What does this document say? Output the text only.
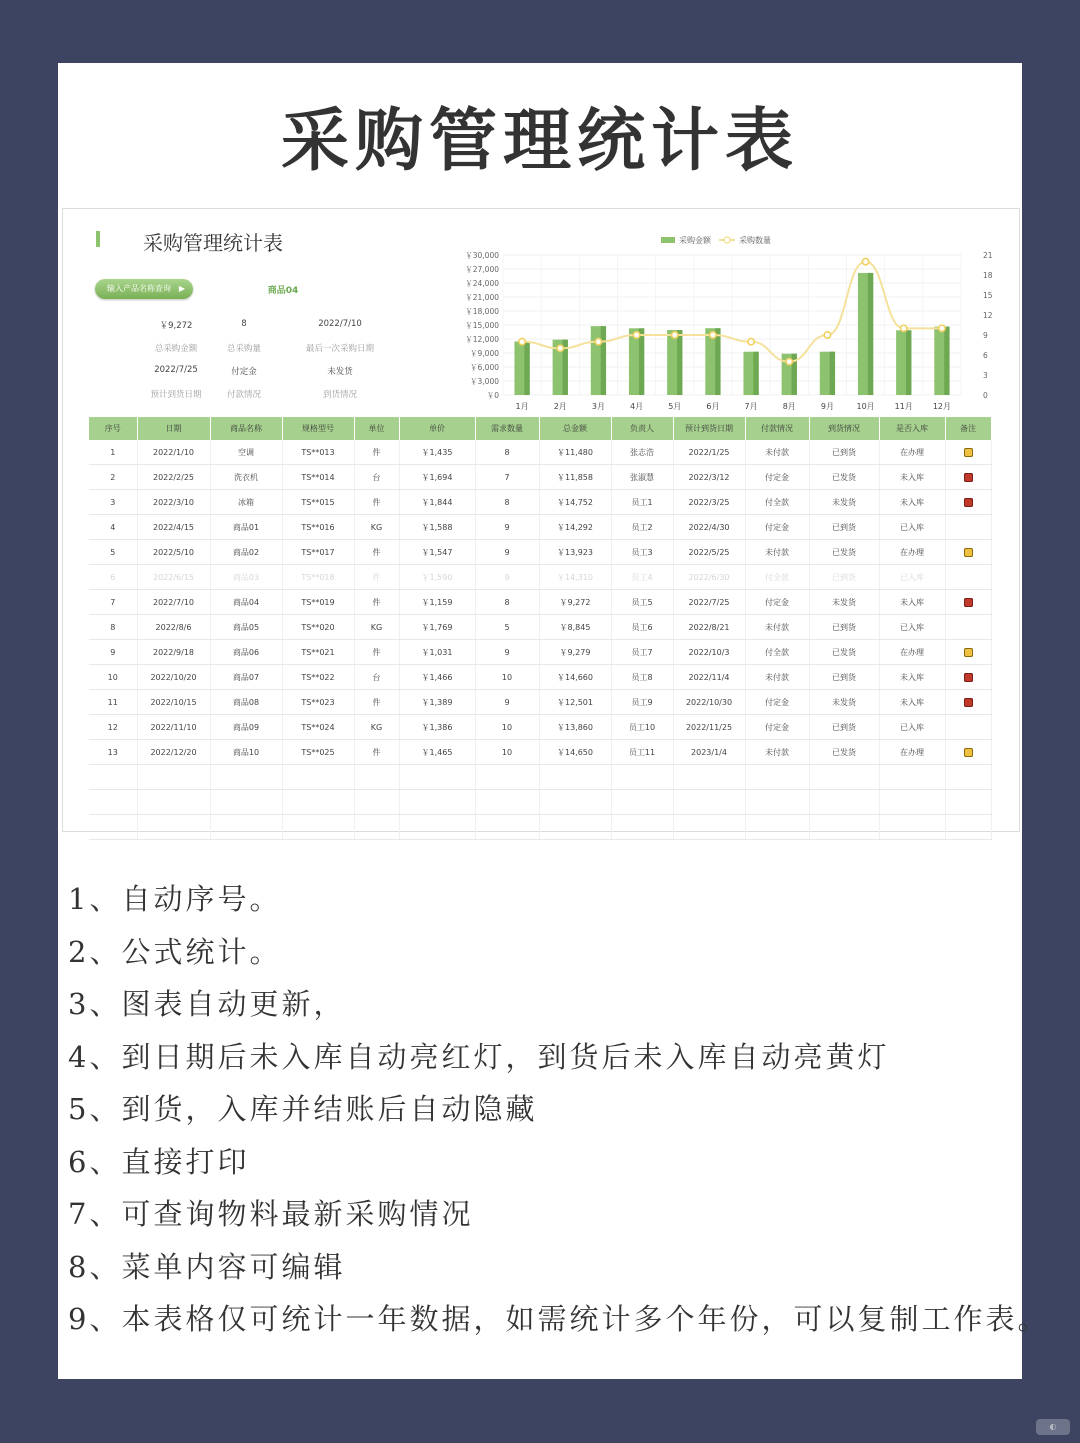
采购管理统计表
采购管理统计表
输入产品名称查询 ▶	商品04
￥9,272	8	2022/7/10
总采购金额	总采购量	最后一次采购日期
2022/7/25	付定金	未发货
预计到货日期	付款情况	到货情况
采购金额	采购数量
￥0
￥3,000
￥6,000
￥9,000
￥12,000
￥15,000
￥18,000
￥21,000
￥24,000
￥27,000
￥30,000
0
3
6
9
12
15
18
21
1月	2月	3月	4月	5月	6月	7月	8月	9月	10月 11月 12月
序号	日期	商品名称	规格型号	单位	单价	需求数量	总金额	负责人	预计到货日期	付款情况	到货情况	是否入库	备注
1	2022/1/10	空调	TS**013	件	￥1,435	8	￥11,480	张志浩	2022/1/25	未付款	已到货	在办理	
2	2022/2/25	洗衣机	TS**014	台	￥1,694	7	￥11,858	张淑慧	2022/3/12	付定金	已发货	未入库	
3	2022/3/10	冰箱	TS**015	件	￥1,844	8	￥14,752	员工1	2022/3/25	付全款	未发货	未入库	
4	2022/4/15	商品01	TS**016	KG	￥1,588	9	￥14,292	员工2	2022/4/30	付定金	已到货	已入库	
5	2022/5/10	商品02	TS**017	件	￥1,547	9	￥13,923	员工3	2022/5/25	未付款	已发货	在办理	
6	2022/6/15	商品03	TS**018	件	￥1,590	9	￥14,310	员工4	2022/6/30	付全款	已到货	已入库	
7	2022/7/10	商品04	TS**019	件	￥1,159	8	￥9,272	员工5	2022/7/25	付定金	未发货	未入库	
8	2022/8/6	商品05	TS**020	KG	￥1,769	5	￥8,845	员工6	2022/8/21	未付款	已到货	已入库	
9	2022/9/18	商品06	TS**021	件	￥1,031	9	￥9,279	员工7	2022/10/3	付全款	已发货	在办理	
10	2022/10/20	商品07	TS**022	台	￥1,466	10	￥14,660	员工8	2022/11/4	未付款	已到货	未入库	
11	2022/10/15	商品08	TS**023	件	￥1,389	9	￥12,501	员工9	2022/10/30	付定金	未发货	未入库	
12	2022/11/10	商品09	TS**024	KG	￥1,386	10	￥13,860	员工10	2022/11/25	付定金	已到货	已入库	
13	2022/12/20	商品10	TS**025	件	￥1,465	10	￥14,650	员工11	2023/1/4	未付款	已发货	在办理	

1、自动序号。
2、公式统计。
3、图表自动更新，
4、到日期后未入库自动亮红灯，到货后未入库自动亮黄灯
5、到货，入库并结账后自动隐藏
6、直接打印
7、可查询物料最新采购情况
8、菜单内容可编辑
9、本表格仅可统计一年数据，如需统计多个年份，可以复制工作表。
◐
